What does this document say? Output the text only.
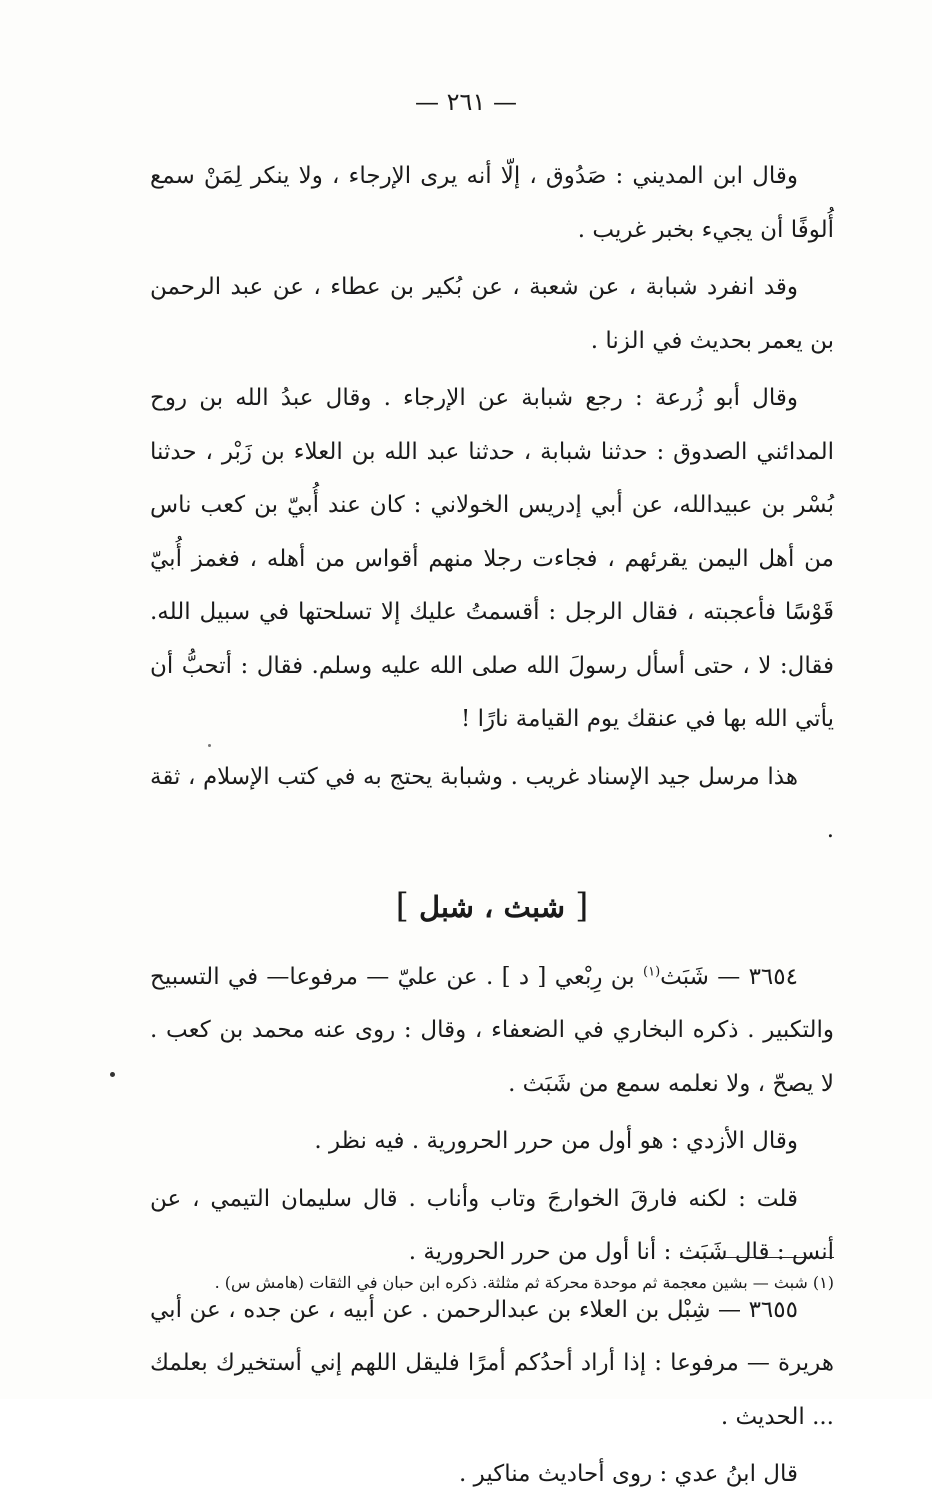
— ٢٦١ —

وقال ابن المديني : صَدُوق ، إلّا أنه يرى الإرجاء ، ولا ينكر لِمَنْ سمع أُلوفًا أن يجيء بخبر غريب .

وقد انفرد شبابة ، عن شعبة ، عن بُكير بن عطاء ، عن عبد الرحمن بن يعمر بحديث في الزنا .

وقال أبو زُرعة : رجع شبابة عن الإرجاء . وقال عبدُ الله بن روح المدائني الصدوق : حدثنا شبابة ، حدثنا عبد الله بن العلاء بن زَبْر ، حدثنا بُسْر بن عبيدالله، عن أبي إدريس الخولاني : كان عند أُبيّ بن كعب ناس من أهل اليمن يقرئهم ، فجاءت رجلا منهم أقواس من أهله ، فغمز أُبيّ قَوْسًا فأعجبته ، فقال الرجل : أقسمتُ عليك إلا تسلحتها في سبيل الله. فقال: لا ، حتى أسأل رسولَ الله صلى الله عليه وسلم. فقال : أتحبُّ أن يأتي الله بها في عنقك يوم القيامة نارًا !

هذا مرسل جيد الإسناد غريب . وشبابة يحتج به في كتب الإسلام ، ثقة .

[ شبث ، شبل ]

٣٦٥٤ — شَبَث$^{(١)}$ بن رِبْعي [ د ] . عن عليّ — مرفوعا— في التسبيح والتكبير . ذكره البخاري في الضعفاء ، وقال : روى عنه محمد بن كعب . لا يصحّ ، ولا نعلمه سمع من شَبَث .

وقال الأزدي : هو أول من حرر الحرورية . فيه نظر .

قلت : لكنه فارقَ الخوارجَ وتاب وأناب . قال سليمان التيمي ، عن أنس : قال شَبَث : أنا أول من حرر الحرورية .

٣٦٥٥ — شِبْل بن العلاء بن عبدالرحمن . عن أبيه ، عن جده ، عن أبي هريرة — مرفوعا : إذا أراد أحدُكم أمرًا فليقل اللهم إني أستخيرك بعلمك ... الحديث .

قال ابنُ عدي : روى أحاديث مناكير .

(١) شبث — بشين معجمة ثم موحدة محركة ثم مثلثة. ذكره ابن حبان في الثقات (هامش س) .
